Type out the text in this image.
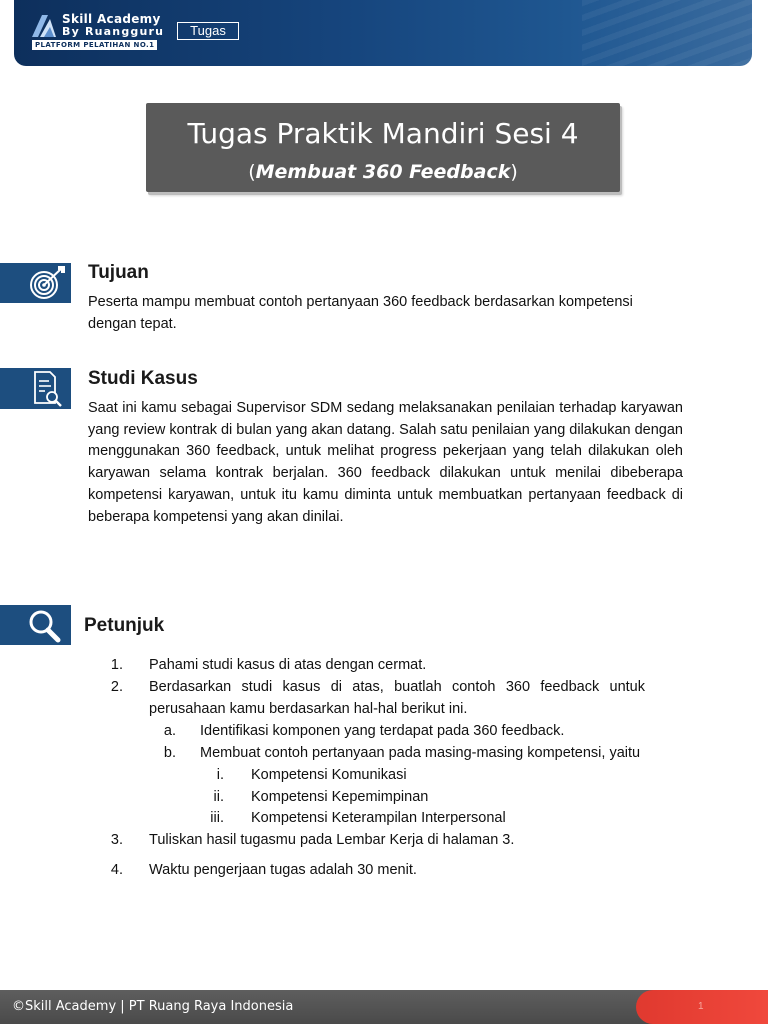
Skill Academy
By Ruangguru
PLATFORM PELATIHAN NO.1
Tugas
Tugas Praktik Mandiri Sesi 4
(Membuat 360 Feedback)
Tujuan
Peserta mampu membuat contoh pertanyaan 360 feedback berdasarkan kompetensi dengan tepat.
Studi Kasus
Saat ini kamu sebagai Supervisor SDM sedang melaksanakan penilaian terhadap karyawan yang review kontrak di bulan yang akan datang. Salah satu penilaian yang dilakukan dengan menggunakan 360 feedback, untuk melihat progress pekerjaan yang telah dilakukan oleh karyawan selama kontrak berjalan. 360 feedback dilakukan untuk menilai dibeberapa kompetensi karyawan, untuk itu kamu diminta untuk membuatkan pertanyaan feedback di beberapa kompetensi yang akan dinilai.
Petunjuk
1. Pahami studi kasus di atas dengan cermat.
2. Berdasarkan studi kasus di atas, buatlah contoh 360 feedback untuk
perusahaan kamu berdasarkan hal-hal berikut ini.
a. Identifikasi komponen yang terdapat pada 360 feedback.
b. Membuat contoh pertanyaan pada masing-masing kompetensi, yaitu
i. Kompetensi Komunikasi
ii. Kompetensi Kepemimpinan
iii. Kompetensi Keterampilan Interpersonal
3. Tuliskan hasil tugasmu pada Lembar Kerja di halaman 3.
4. Waktu pengerjaan tugas adalah 30 menit.
©Skill Academy | PT Ruang Raya Indonesia	1
